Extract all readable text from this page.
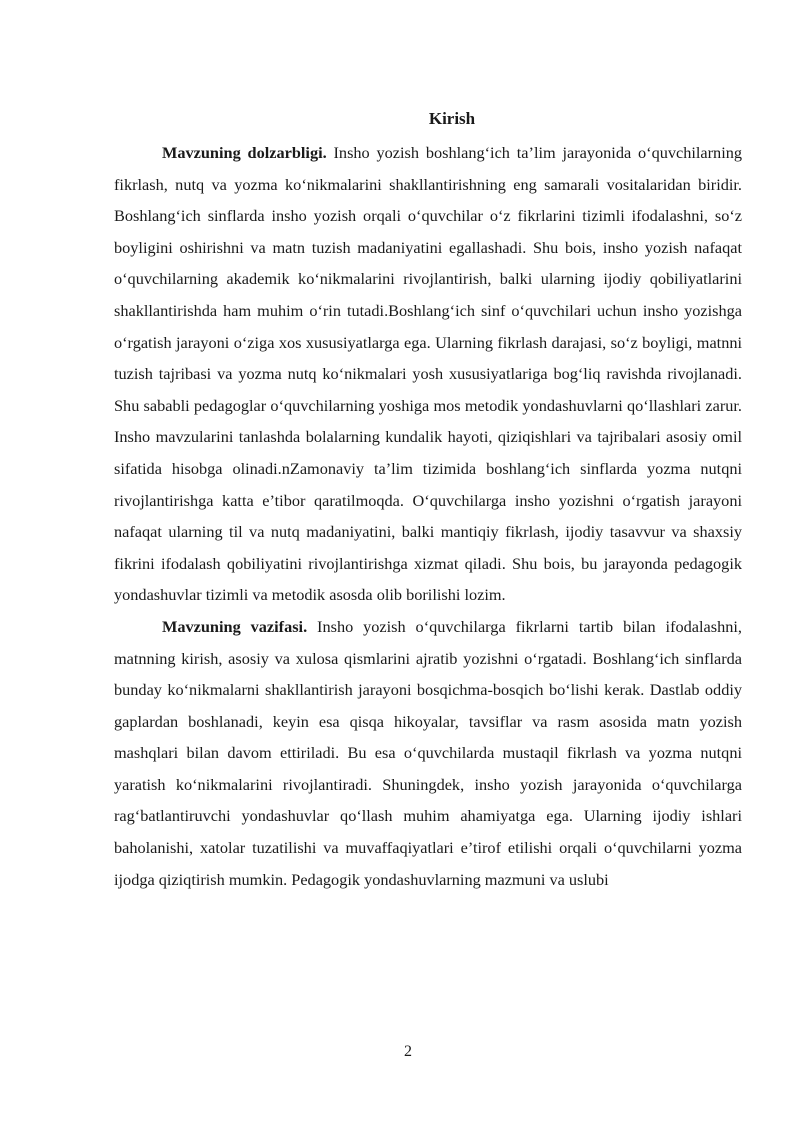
Kirish

Mavzuning dolzarbligi. Insho yozish boshlang‘ich ta’lim jarayonida o‘quvchilarning fikrlash, nutq va yozma ko‘nikmalarini shakllantirishning eng samarali vositalaridan biridir. Boshlang‘ich sinflarda insho yozish orqali o‘quvchilar o‘z fikrlarini tizimli ifodalashni, so‘z boyligini oshirishni va matn tuzish madaniyatini egallashadi. Shu bois, insho yozish nafaqat o‘quvchilarning akademik ko‘nikmalarini rivojlantirish, balki ularning ijodiy qobiliyatlarini shakllantirishda ham muhim o‘rin tutadi.Boshlang‘ich sinf o‘quvchilari uchun insho yozishga o‘rgatish jarayoni o‘ziga xos xususiyatlarga ega. Ularning fikrlash darajasi, so‘z boyligi, matnni tuzish tajribasi va yozma nutq ko‘nikmalari yosh xususiyatlariga bog‘liq ravishda rivojlanadi. Shu sababli pedagoglar o‘quvchilarning yoshiga mos metodik yondashuvlarni qo‘llashlari zarur. Insho mavzularini tanlashda bolalarning kundalik hayoti, qiziqishlari va tajribalari asosiy omil sifatida hisobga olinadi.nZamonaviy ta’lim tizimida boshlang‘ich sinflarda yozma nutqni rivojlantirishga katta e’tibor qaratilmoqda. O‘quvchilarga insho yozishni o‘rgatish jarayoni nafaqat ularning til va nutq madaniyatini, balki mantiqiy fikrlash, ijodiy tasavvur va shaxsiy fikrini ifodalash qobiliyatini rivojlantirishga xizmat qiladi. Shu bois, bu jarayonda pedagogik yondashuvlar tizimli va metodik asosda olib borilishi lozim.

Mavzuning vazifasi. Insho yozish o‘quvchilarga fikrlarni tartib bilan ifodalashni, matnning kirish, asosiy va xulosa qismlarini ajratib yozishni o‘rgatadi. Boshlang‘ich sinflarda bunday ko‘nikmalarni shakllantirish jarayoni bosqichma-bosqich bo‘lishi kerak. Dastlab oddiy gaplardan boshlanadi, keyin esa qisqa hikoyalar, tavsiflar va rasm asosida matn yozish mashqlari bilan davom ettiriladi. Bu esa o‘quvchilarda mustaqil fikrlash va yozma nutqni yaratish ko‘nikmalarini rivojlantiradi. Shuningdek, insho yozish jarayonida o‘quvchilarga rag‘batlantiruvchi yondashuvlar qo‘llash muhim ahamiyatga ega. Ularning ijodiy ishlari baholanishi, xatolar tuzatilishi va muvaffaqiyatlari e’tirof etilishi orqali o‘quvchilarni yozma ijodga qiziqtirish mumkin. Pedagogik yondashuvlarning mazmuni va uslubi

2
